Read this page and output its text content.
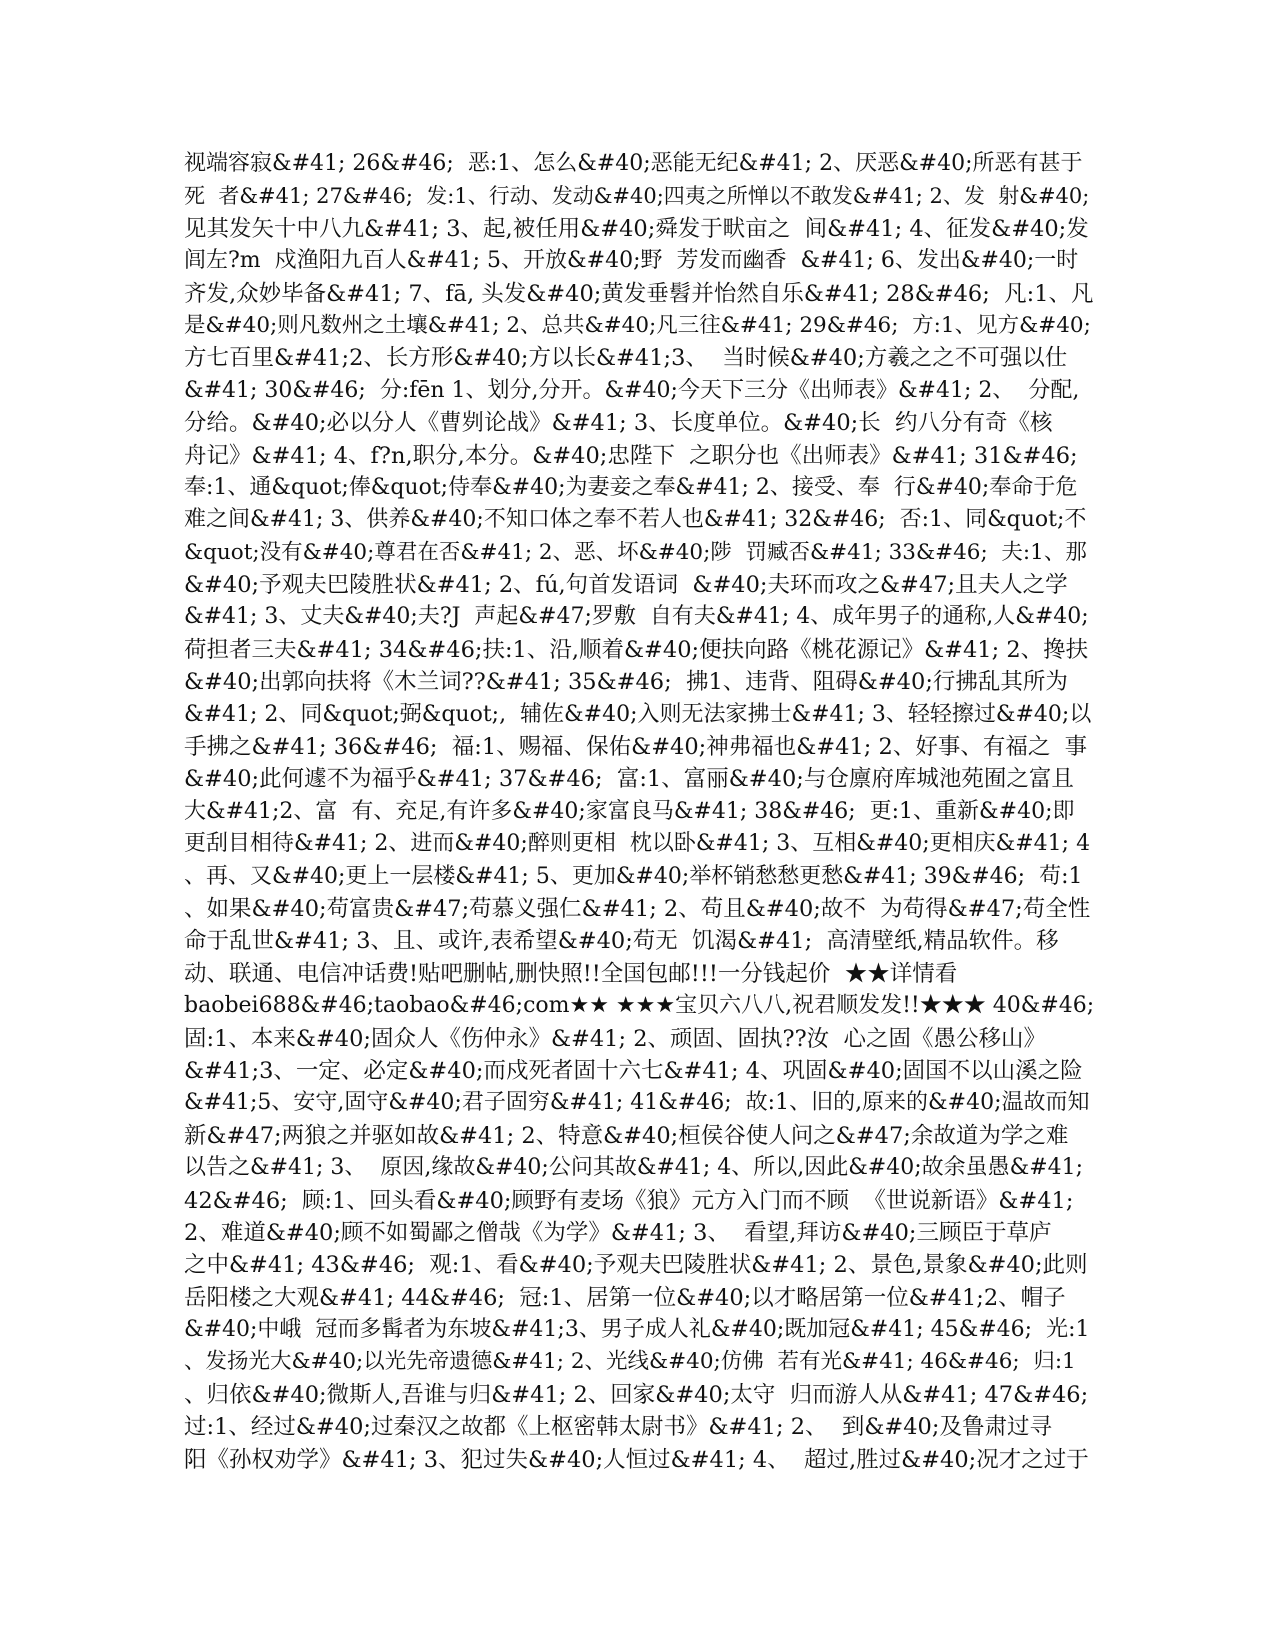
视端容寂&#41; 26&#46;  恶:1、怎么&#40;恶能无纪&#41; 2、厌恶&#40;所恶有甚于
死  者&#41; 27&#46;  发:1、行动、发动&#40;四夷之所惮以不敢发&#41; 2、发  射&#40;
见其发矢十中八九&#41; 3、起,被任用&#40;舜发于畎亩之  间&#41; 4、征发&#40;发
闾左?m  戍渔阳九百人&#41; 5、开放&#40;野  芳发而幽香  &#41; 6、发出&#40;一时
齐发,众妙毕备&#41; 7、fā, 头发&#40;黄发垂髫并怡然自乐&#41; 28&#46;  凡:1、凡
是&#40;则凡数州之土壤&#41; 2、总共&#40;凡三往&#41; 29&#46;  方:1、见方&#40;
方七百里&#41;2、长方形&#40;方以长&#41;3、  当时候&#40;方羲之之不可强以仕
&#41; 30&#46;  分:fēn 1、划分,分开。&#40;今天下三分《出师表》&#41; 2、  分配,
分给。&#40;必以分人《曹刿论战》&#41; 3、长度单位。&#40;长  约八分有奇《核
舟记》&#41; 4、f?n,职分,本分。&#40;忠陛下  之职分也《出师表》&#41; 31&#46;
奉:1、通&quot;俸&quot;侍奉&#40;为妻妾之奉&#41; 2、接受、奉  行&#40;奉命于危
难之间&#41; 3、供养&#40;不知口体之奉不若人也&#41; 32&#46;  否:1、同&quot;不
&quot;没有&#40;尊君在否&#41; 2、恶、坏&#40;陟  罚臧否&#41; 33&#46;  夫:1、那
&#40;予观夫巴陵胜状&#41; 2、fú,句首发语词  &#40;夫环而攻之&#47;且夫人之学
&#41; 3、丈夫&#40;夫?J  声起&#47;罗敷  自有夫&#41; 4、成年男子的通称,人&#40;
荷担者三夫&#41; 34&#46;扶:1、沿,顺着&#40;便扶向路《桃花源记》&#41; 2、搀扶
&#40;出郭向扶将《木兰词??&#41; 35&#46;  拂1、违背、阻碍&#40;行拂乱其所为
&#41; 2、同&quot;弼&quot;,  辅佐&#40;入则无法家拂士&#41; 3、轻轻擦过&#40;以
手拂之&#41; 36&#46;  福:1、赐福、保佑&#40;神弗福也&#41; 2、好事、有福之  事
&#40;此何遽不为福乎&#41; 37&#46;  富:1、富丽&#40;与仓廪府库城池苑囿之富且
大&#41;2、富  有、充足,有许多&#40;家富良马&#41; 38&#46;  更:1、重新&#40;即
更刮目相待&#41; 2、进而&#40;醉则更相  枕以卧&#41; 3、互相&#40;更相庆&#41; 4
、再、又&#40;更上一层楼&#41; 5、更加&#40;举杯销愁愁更愁&#41; 39&#46;  苟:1
、如果&#40;苟富贵&#47;苟慕义强仁&#41; 2、苟且&#40;故不  为苟得&#47;苟全性
命于乱世&#41; 3、且、或许,表希望&#40;苟无  饥渴&#41;  高清壁纸,精品软件。移
动、联通、电信冲话费!贴吧删帖,删快照!!全国包邮!!!一分钱起价  ★★详情看
baobei688&#46;taobao&#46;com★★ ★★★宝贝六八八,祝君顺发发!!★★★ 40&#46;
固:1、本来&#40;固众人《伤仲永》&#41; 2、顽固、固执??汝  心之固《愚公移山》
&#41;3、一定、必定&#40;而戍死者固十六七&#41; 4、巩固&#40;固国不以山溪之险
&#41;5、安守,固守&#40;君子固穷&#41; 41&#46;  故:1、旧的,原来的&#40;温故而知
新&#47;两狼之并驱如故&#41; 2、特意&#40;桓侯谷使人问之&#47;余故道为学之难
以告之&#41; 3、  原因,缘故&#40;公问其故&#41; 4、所以,因此&#40;故余虽愚&#41;
42&#46;  顾:1、回头看&#40;顾野有麦场《狼》元方入门而不顾  《世说新语》&#41;
2、难道&#40;顾不如蜀鄙之僧哉《为学》&#41; 3、  看望,拜访&#40;三顾臣于草庐
之中&#41; 43&#46;  观:1、看&#40;予观夫巴陵胜状&#41; 2、景色,景象&#40;此则
岳阳楼之大观&#41; 44&#46;  冠:1、居第一位&#40;以才略居第一位&#41;2、帽子
&#40;中峨  冠而多髯者为东坡&#41;3、男子成人礼&#40;既加冠&#41; 45&#46;  光:1
、发扬光大&#40;以光先帝遗德&#41; 2、光线&#40;仿佛  若有光&#41; 46&#46;  归:1
、归依&#40;微斯人,吾谁与归&#41; 2、回家&#40;太守  归而游人从&#41; 47&#46;
过:1、经过&#40;过秦汉之故都《上枢密韩太尉书》&#41; 2、  到&#40;及鲁肃过寻
阳《孙权劝学》&#41; 3、犯过失&#40;人恒过&#41; 4、  超过,胜过&#40;况才之过于
